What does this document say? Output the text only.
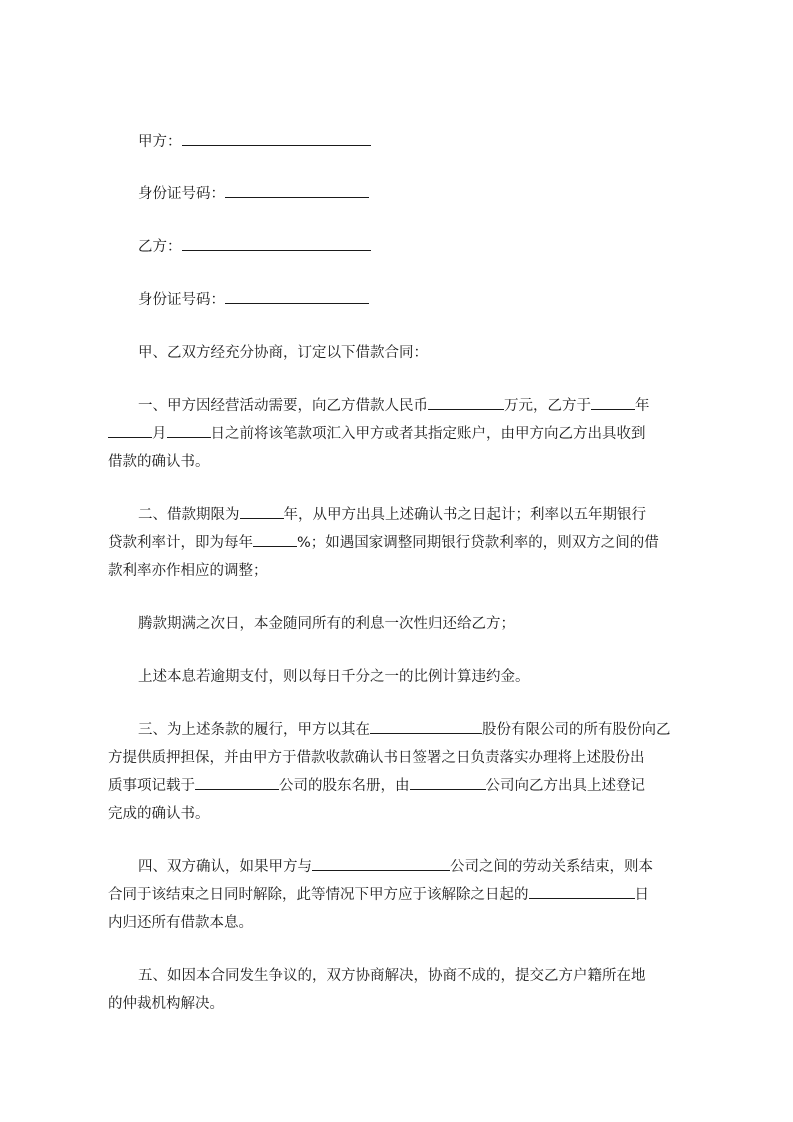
甲方：
身份证号码：
乙方：
身份证号码：
甲、乙双方经充分协商，订定以下借款合同：
一、甲方因经营活动需要，向乙方借款人民币	万元，乙方于	年
月	日之前将该笔款项汇入甲方或者其指定账户，由甲方向乙方出具收到
借款的确认书。
二、借款期限为	年，从甲方出具上述确认书之日起计；利率以五年期银行
贷款利率计，即为每年	%；如遇国家调整同期银行贷款利率的，则双方之间的借
款利率亦作相应的调整；
腾款期满之次日，本金随同所有的利息一次性归还给乙方；
上述本息若逾期支付，则以每日千分之一的比例计算违约金。
三、为上述条款的履行，甲方以其在	股份有限公司的所有股份向乙
方提供质押担保，并由甲方于借款收款确认书日签署之日负责落实办理将上述股份出
质事项记载于	公司的股东名册，由	公司向乙方出具上述登记
完成的确认书。
四、双方确认，如果甲方与	公司之间的劳动关系结束，则本
合同于该结束之日同时解除，此等情况下甲方应于该解除之日起的	日
内归还所有借款本息。
五、如因本合同发生争议的，双方协商解决，协商不成的，提交乙方户籍所在地
的仲裁机构解决。
